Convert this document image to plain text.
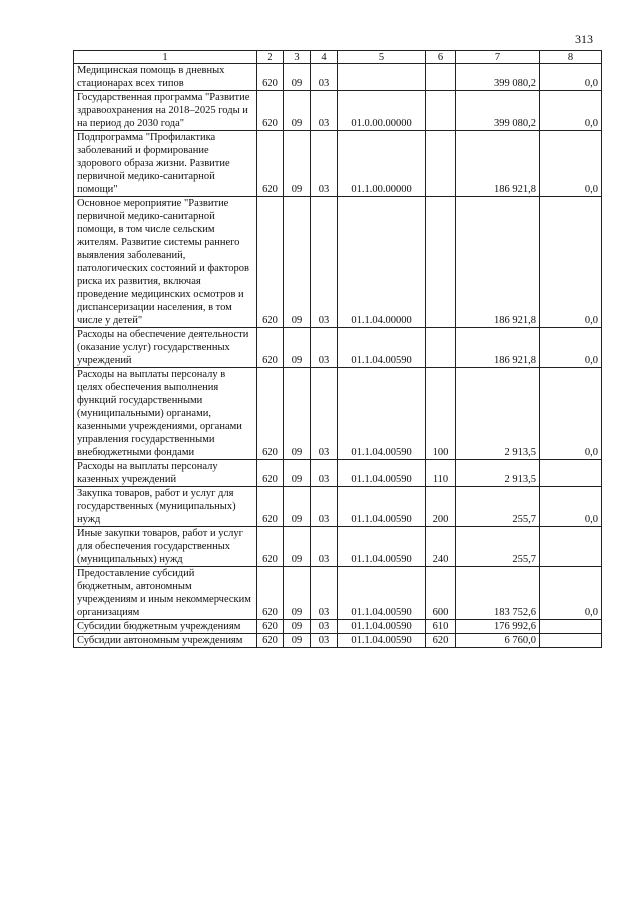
313
1	2	3	4	5	6	7	8
Медицинская помощь в дневных стационарах всех типов	620	09	03			399 080,2	0,0
Государственная программа "Развитие здравоохранения на 2018–2025 годы и на период до 2030 года"	620	09	03	01.0.00.00000		399 080,2	0,0
Подпрограмма "Профилактика заболеваний и формирование здорового образа жизни. Развитие первичной медико-санитарной помощи"	620	09	03	01.1.00.00000		186 921,8	0,0
Основное мероприятие "Развитие первичной медико-санитарной помощи, в том числе сельским жителям. Развитие системы раннего выявления заболеваний, патологических состояний и факторов риска их развития, включая проведение медицинских осмотров и диспансеризации населения, в том числе у детей"	620	09	03	01.1.04.00000		186 921,8	0,0
Расходы на обеспечение деятельности (оказание услуг) государственных учреждений	620	09	03	01.1.04.00590		186 921,8	0,0
Расходы на выплаты персоналу в целях обеспечения выполнения функций государственными (муниципальными) органами, казенными учреждениями, органами управления государственными внебюджетными фондами	620	09	03	01.1.04.00590	100	2 913,5	0,0
Расходы на выплаты персоналу казенных учреждений	620	09	03	01.1.04.00590	110	2 913,5	
Закупка товаров, работ и услуг для государственных (муниципальных) нужд	620	09	03	01.1.04.00590	200	255,7	0,0
Иные закупки товаров, работ и услуг для обеспечения государственных (муниципальных) нужд	620	09	03	01.1.04.00590	240	255,7	
Предоставление субсидий бюджетным, автономным учреждениям и иным некоммерческим организациям	620	09	03	01.1.04.00590	600	183 752,6	0,0
Субсидии бюджетным учреждениям	620	09	03	01.1.04.00590	610	176 992,6	
Субсидии автономным учреждениям	620	09	03	01.1.04.00590	620	6 760,0	
